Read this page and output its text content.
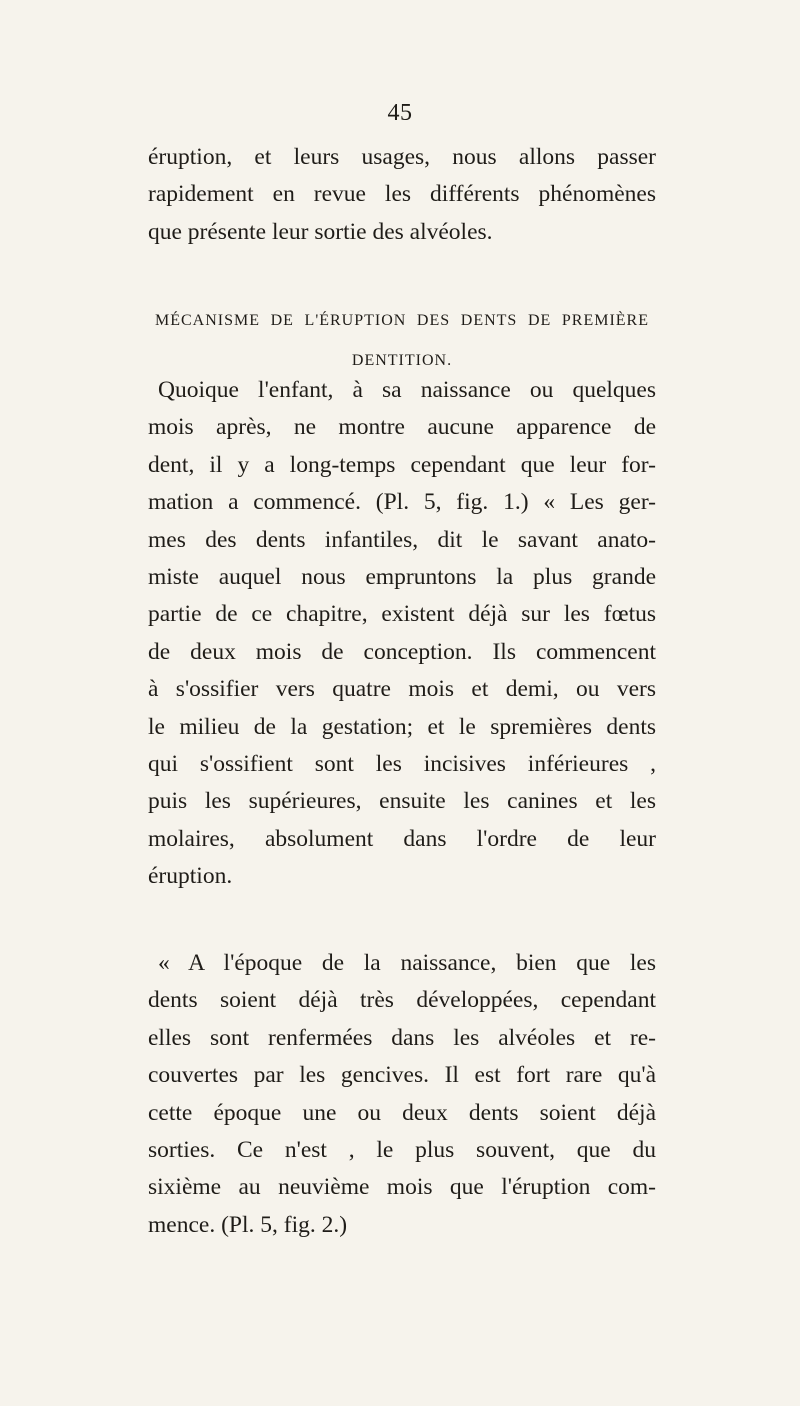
45
éruption, et leurs usages, nous allons passer
rapidement en revue les différents phénomènes
que présente leur sortie des alvéoles.
MÉCANISME DE L'ÉRUPTION DES DENTS DE PREMIÈRE
DENTITION.
Quoique l'enfant, à sa naissance ou quelques
mois après, ne montre aucune apparence de
dent, il y a long-temps cependant que leur for-
mation a commencé. (Pl. 5, fig. 1.) « Les ger-
mes des dents infantiles, dit le savant anato-
miste auquel nous empruntons la plus grande
partie de ce chapitre, existent déjà sur les fœtus
de deux mois de conception. Ils commencent
à s'ossifier vers quatre mois et demi, ou vers
le milieu de la gestation; et le spremières dents
qui s'ossifient sont les incisives inférieures ,
puis les supérieures, ensuite les canines et les
molaires, absolument dans l'ordre de leur
éruption.
« A l'époque de la naissance, bien que les
dents soient déjà très développées, cependant
elles sont renfermées dans les alvéoles et re-
couvertes par les gencives. Il est fort rare qu'à
cette époque une ou deux dents soient déjà
sorties. Ce n'est , le plus souvent, que du
sixième au neuvième mois que l'éruption com-
mence. (Pl. 5, fig. 2.)
